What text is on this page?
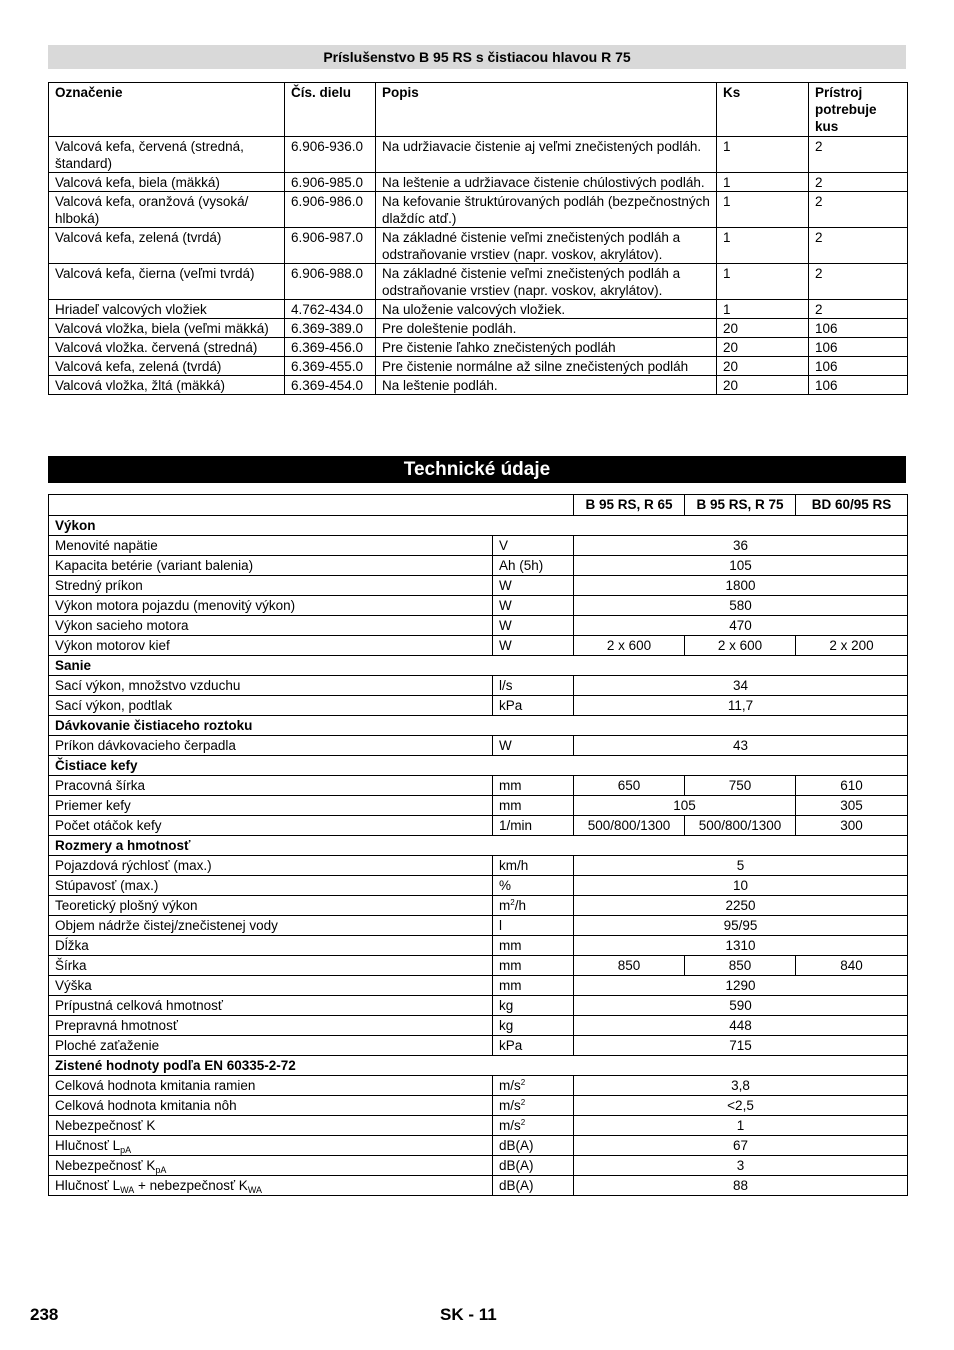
Príslušenstvo B 95 RS s čistiacou hlavou R 75
Označenie	Čís. dielu	Popis	Ks	Prístroj potrebuje kus
Valcová kefa, červená (stredná, štandard)	6.906-936.0	Na udržiavacie čistenie aj veľmi znečistených podláh.	1	2
Valcová kefa, biela (mäkká)	6.906-985.0	Na leštenie a udržiavace čistenie chúlostivých podláh.	1	2
Valcová kefa, oranžová (vysoká/ hlboká)	6.906-986.0	Na kefovanie štruktúrovaných podláh (bezpečnostných dlaždíc atď.)	1	2
Valcová kefa, zelená (tvrdá)	6.906-987.0	Na základné čistenie veľmi znečistených podláh a odstraňovanie vrstiev (napr. voskov, akrylátov).	1	2
Valcová kefa, čierna (veľmi tvrdá)	6.906-988.0	Na základné čistenie veľmi znečistených podláh a odstraňovanie vrstiev (napr. voskov, akrylátov).	1	2
Hriadeľ valcových vložiek	4.762-434.0	Na uloženie valcových vložiek.	1	2
Valcová vložka, biela (veľmi mäkká)	6.369-389.0	Pre doleštenie podláh.	20	106
Valcová vložka. červená (stredná)	6.369-456.0	Pre čistenie ľahko znečistených podláh	20	106
Valcová kefa, zelená (tvrdá)	6.369-455.0	Pre čistenie normálne až silne znečistených podláh	20	106
Valcová vložka, žltá (mäkká)	6.369-454.0	Na leštenie podláh.	20	106
Technické údaje
		B 95 RS, R 65	B 95 RS, R 75	BD 60/95 RS
Výkon				
Menovité napätie	V	36		
Kapacita betérie (variant balenia)	Ah (5h)	105		
Stredný príkon	W	1800		
Výkon motora pojazdu (menovitý výkon)	W	580		
Výkon sacieho motora	W	470		
Výkon motorov kief	W	2 x 600	2 x 600	2 x 200
Sanie				
Sací výkon, množstvo vzduchu	l/s	34		
Sací výkon, podtlak	kPa	11,7		
Dávkovanie čistiaceho roztoku				
Príkon dávkovacieho čerpadla	W	43		
Čistiace kefy				
Pracovná šírka	mm	650	750	610
Priemer kefy	mm	105		305
Počet otáčok kefy	1/min	500/800/1300	500/800/1300	300
Rozmery a hmotnosť				
Pojazdová rýchlosť (max.)	km/h	5		
Stúpavosť (max.)	%	10		
Teoretický plošný výkon	$m^2/h$	2250		
Objem nádrže čistej/znečistenej vody	l	95/95		
Dĺžka	mm	1310		
Šírka	mm	850	850	840
Výška	mm	1290		
Prípustná celková hmotnosť	kg	590		
Prepravná hmotnosť	kg	448		
Ploché zaťaženie	kPa	715		
Zistené hodnoty podľa EN 60335-2-72				
Celková hodnota kmitania ramien	$m/s^2$	3,8		
Celková hodnota kmitania nôh	$m/s^2$	<2,5		
Nebezpečnosť K	$m/s^2$	1		
Hlučnosť $L_{pA}$	dB(A)	67		
Nebezpečnosť $K_{pA}$	dB(A)	3		
Hlučnosť $L_{WA}$ + nebezpečnosť $K_{WA}$	dB(A)	88		
238	SK - 11
